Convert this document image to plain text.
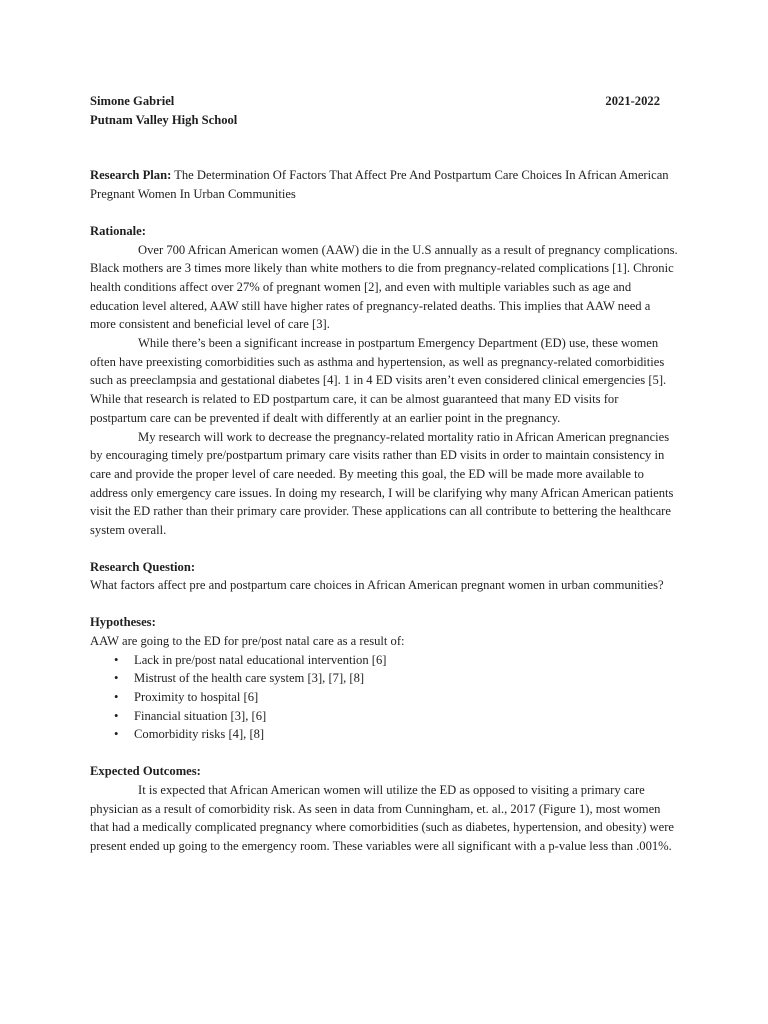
Simone Gabriel	2021-2022
Putnam Valley High School

Research Plan: The Determination Of Factors That Affect Pre And Postpartum Care Choices In African American Pregnant Women In Urban Communities

Rationale:

Over 700 African American women (AAW) die in the U.S annually as a result of pregnancy complications. Black mothers are 3 times more likely than white mothers to die from pregnancy-related complications [1]. Chronic health conditions affect over 27% of pregnant women [2], and even with multiple variables such as age and education level altered, AAW still have higher rates of pregnancy-related deaths. This implies that AAW need a more consistent and beneficial level of care [3].

While there’s been a significant increase in postpartum Emergency Department (ED) use, these women often have preexisting comorbidities such as asthma and hypertension, as well as pregnancy-related comorbidities such as preeclampsia and gestational diabetes [4]. 1 in 4 ED visits aren’t even considered clinical emergencies [5]. While that research is related to ED postpartum care, it can be almost guaranteed that many ED visits for postpartum care can be prevented if dealt with differently at an earlier point in the pregnancy.

My research will work to decrease the pregnancy-related mortality ratio in African American pregnancies by encouraging timely pre/postpartum primary care visits rather than ED visits in order to maintain consistency in care and provide the proper level of care needed. By meeting this goal, the ED will be made more available to address only emergency care issues. In doing my research, I will be clarifying why many African American patients visit the ED rather than their primary care provider. These applications can all contribute to bettering the healthcare system overall.

Research Question:

What factors affect pre and postpartum care choices in African American pregnant women in urban communities?

Hypotheses:

AAW are going to the ED for pre/post natal care as a result of:

• Lack in pre/post natal educational intervention [6]
• Mistrust of the health care system [3], [7], [8]
• Proximity to hospital [6]
• Financial situation [3], [6]
• Comorbidity risks [4], [8]
Expected Outcomes:

It is expected that African American women will utilize the ED as opposed to visiting a primary care physician as a result of comorbidity risk. As seen in data from Cunningham, et. al., 2017 (Figure 1), most women that had a medically complicated pregnancy where comorbidities (such as diabetes, hypertension, and obesity) were present ended up going to the emergency room. These variables were all significant with a p-value less than .001%.
